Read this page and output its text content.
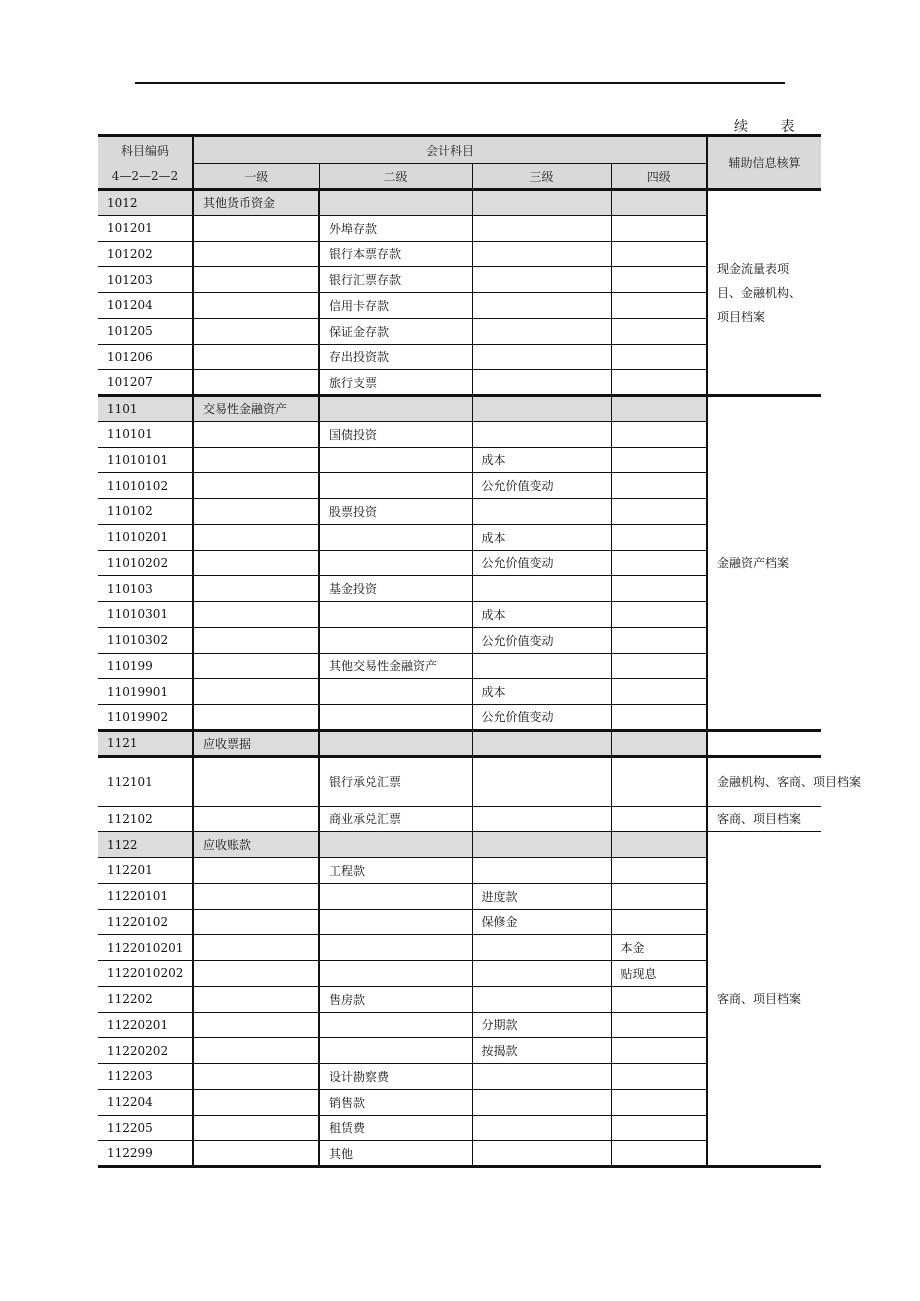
续 表
科目编码	会计科目				辅助信息核算
4—2—2—2	一级	二级	三级	四级	
1012	其他货币资金				现金流量表项目、金融机构、项目档案
101201		外埠存款			
101202		银行本票存款			
101203		银行汇票存款			
101204		信用卡存款			
101205		保证金存款			
101206		存出投资款			
101207		旅行支票			
1101	交易性金融资产				金融资产档案
110101		国债投资			
11010101			成本		
11010102			公允价值变动		
110102		股票投资			
11010201			成本		
11010202			公允价值变动		
110103		基金投资			
11010301			成本		
11010302			公允价值变动		
110199		其他交易性金融资产			
11019901			成本		
11019902			公允价值变动		
1121	应收票据				
112101		银行承兑汇票			金融机构、客商、项目档案
112102		商业承兑汇票			客商、项目档案
1122	应收账款				客商、项目档案
112201		工程款			
11220101			进度款		
11220102			保修金		
1122010201				本金	
1122010202				贴现息	
112202		售房款			
11220201			分期款		
11220202			按揭款		
112203		设计勘察费			
112204		销售款			
112205		租赁费			
112299		其他			
